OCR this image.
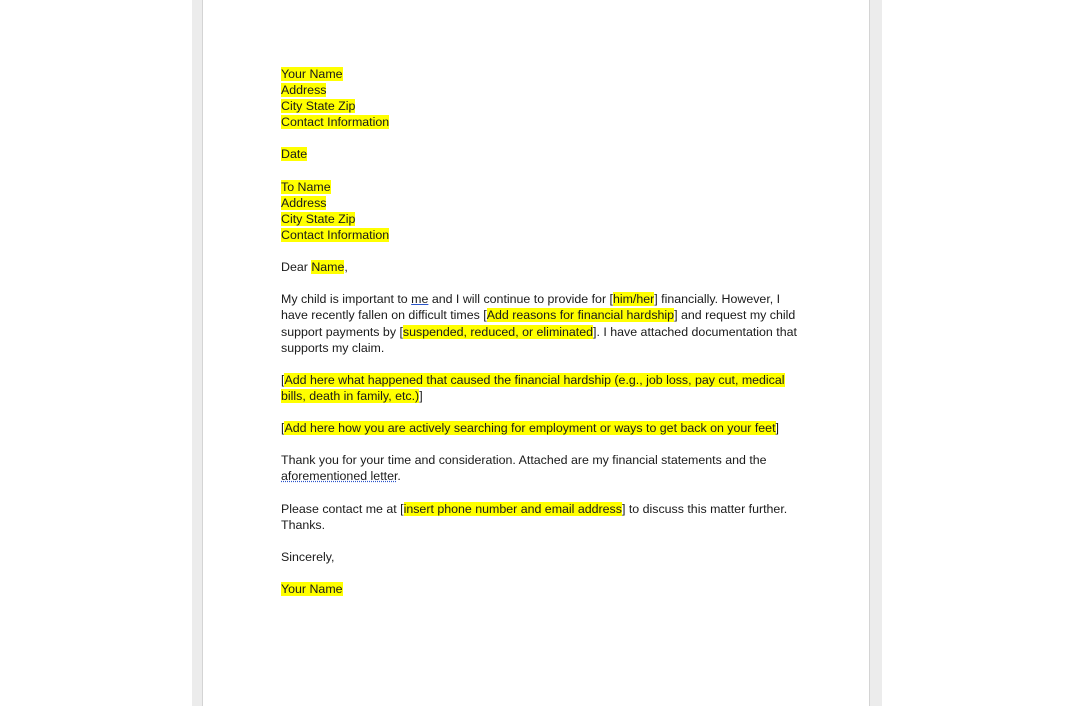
Your Name
Address
City State Zip
Contact Information
Date
To Name
Address
City State Zip
Contact Information
Dear Name,
My child is important to me and I will continue to provide for [him/her] financially. However, I
have recently fallen on difficult times [Add reasons for financial hardship] and request my child
support payments by [suspended, reduced, or eliminated]. I have attached documentation that
supports my claim.
[Add here what happened that caused the financial hardship (e.g., job loss, pay cut, medical
bills, death in family, etc.)]
[Add here how you are actively searching for employment or ways to get back on your feet]
Thank you for your time and consideration. Attached are my financial statements and the
aforementioned letter.
Please contact me at [insert phone number and email address] to discuss this matter further.
Thanks.
Sincerely,
Your Name
